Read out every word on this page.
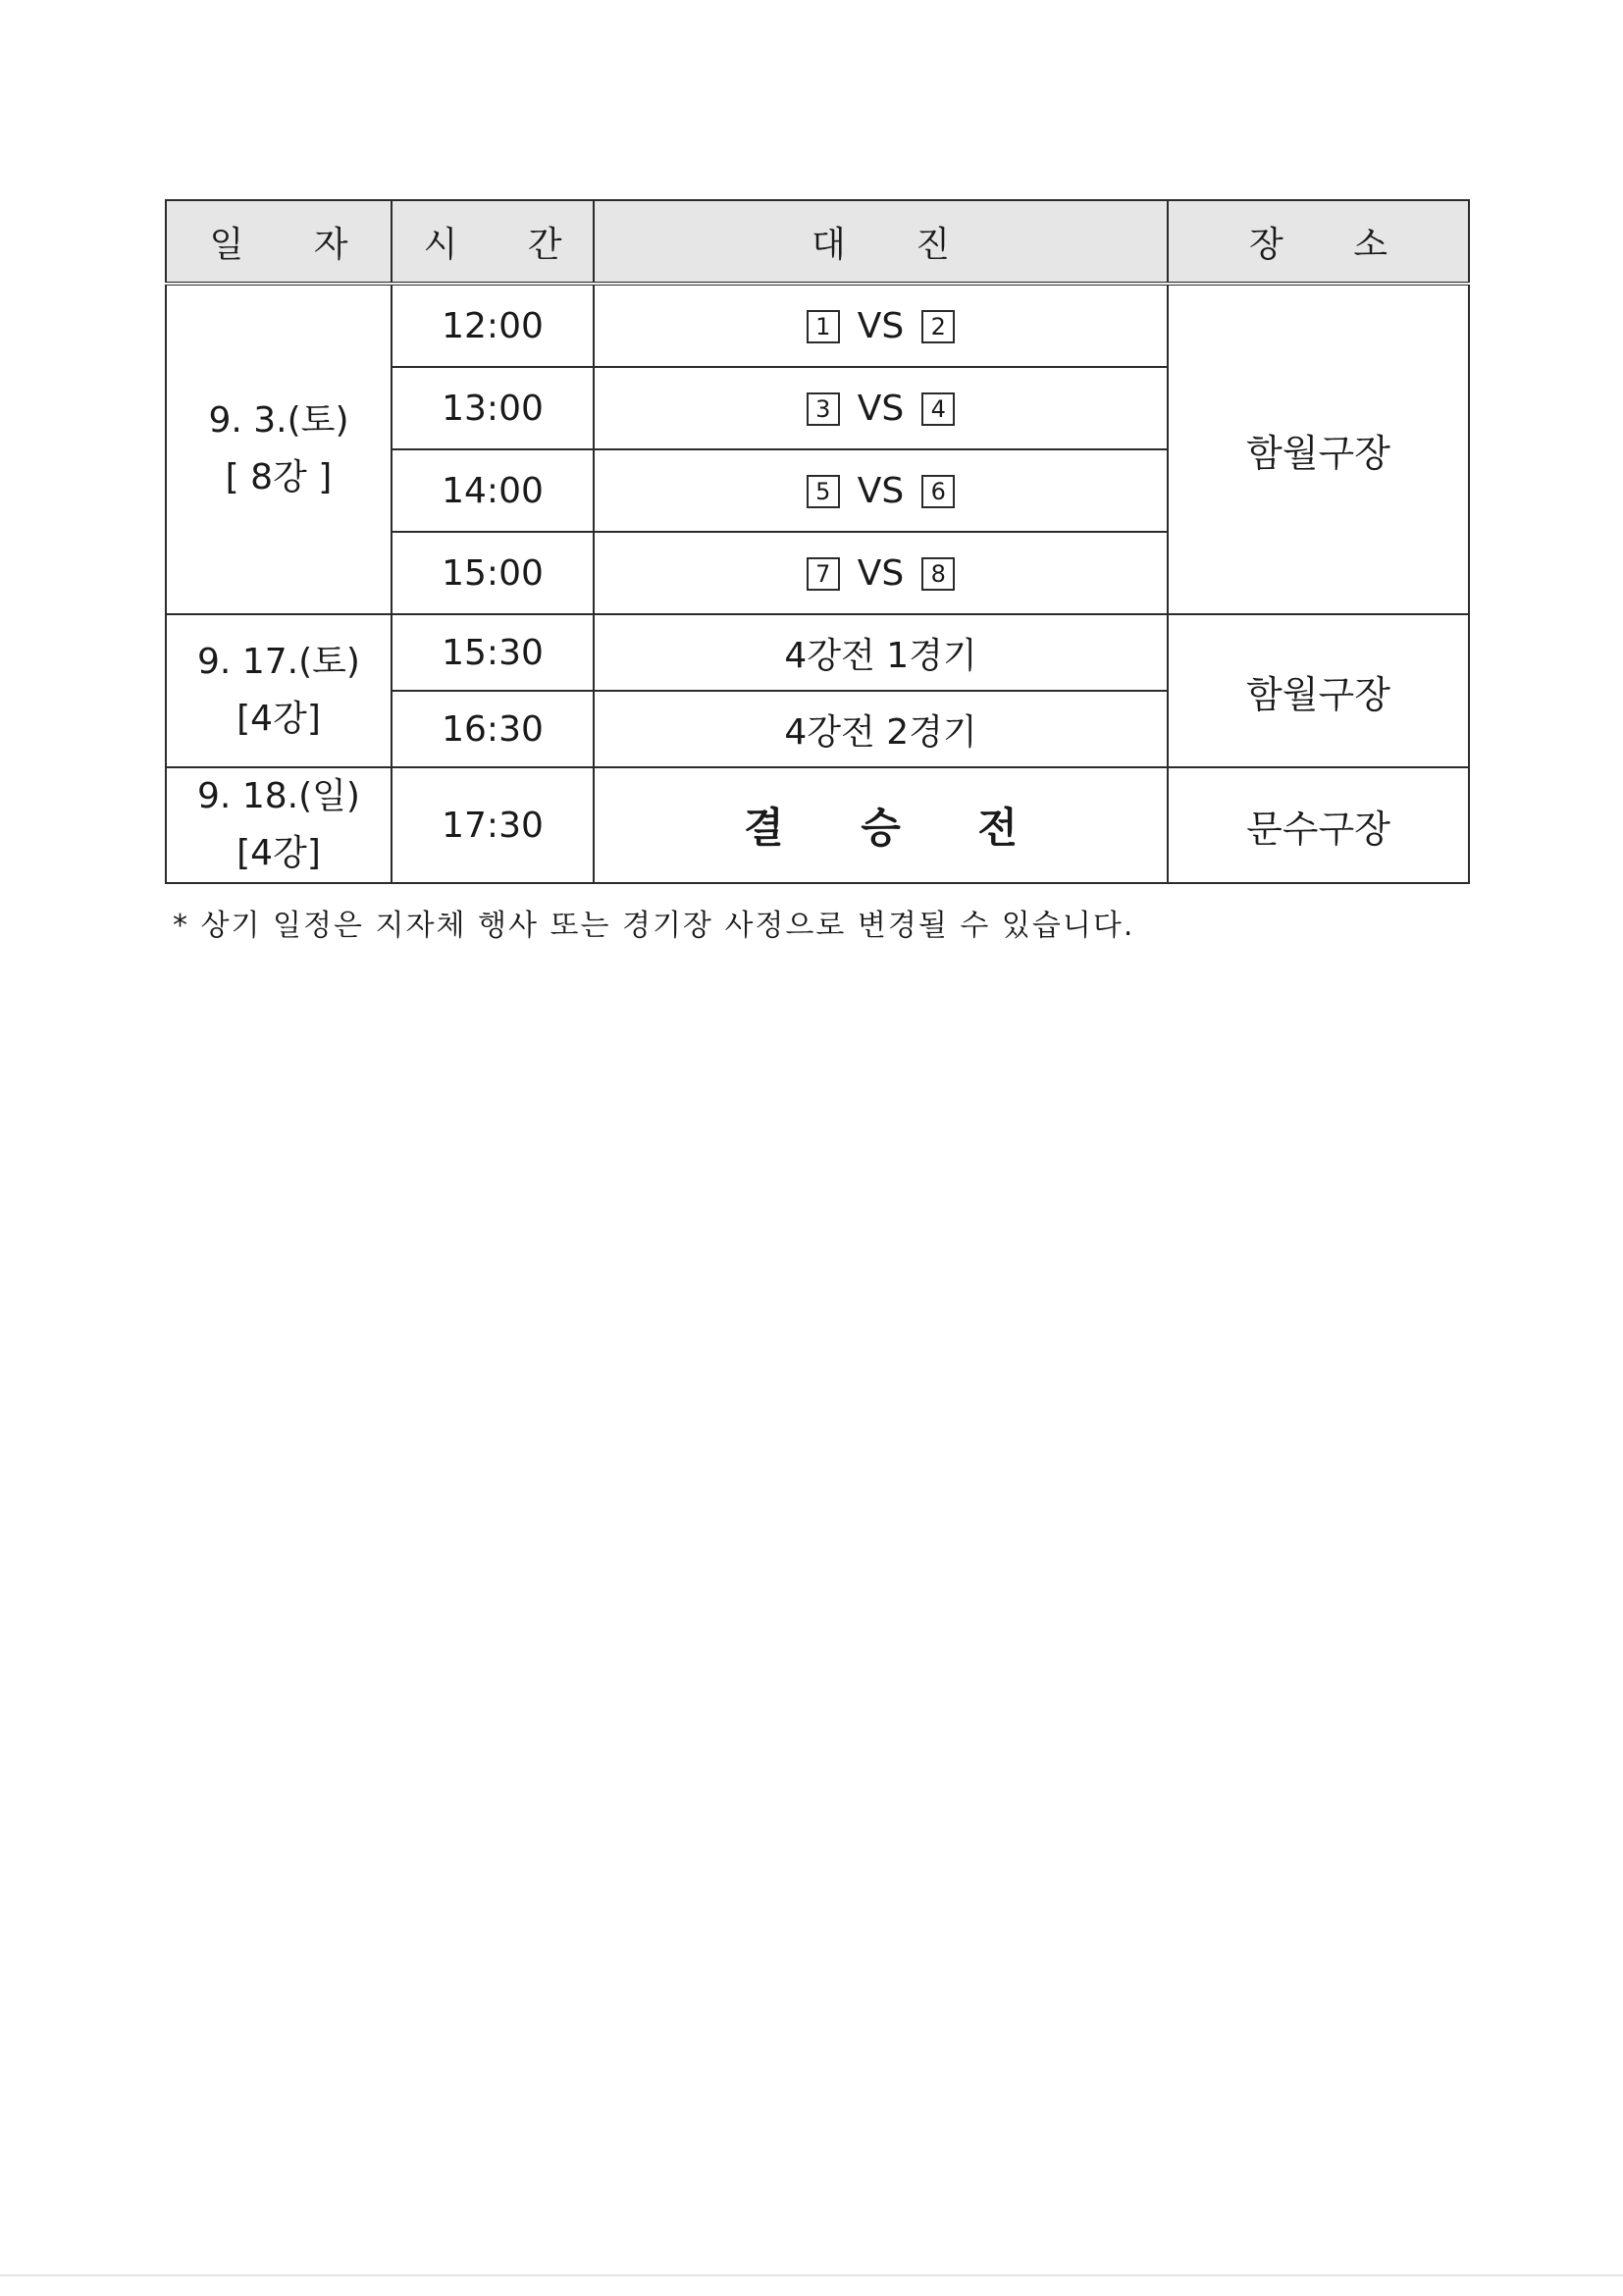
일 자	시 간	대 진	장 소

9. 3.(토)
[ 8강 ]	12:00	1 VS 2	함월구장
	13:00	3 VS 4	
	14:00	5 VS 6	
	15:00	7 VS 8	

9. 17.(토)
[4강]	15:30	4강전 1경기	함월구장
	16:30	4강전 2경기	

9. 18.(일)
[4강]	17:30	결 승 전	문수구장
* 상기 일정은 지자체 행사 또는 경기장 사정으로 변경될 수 있습니다.
